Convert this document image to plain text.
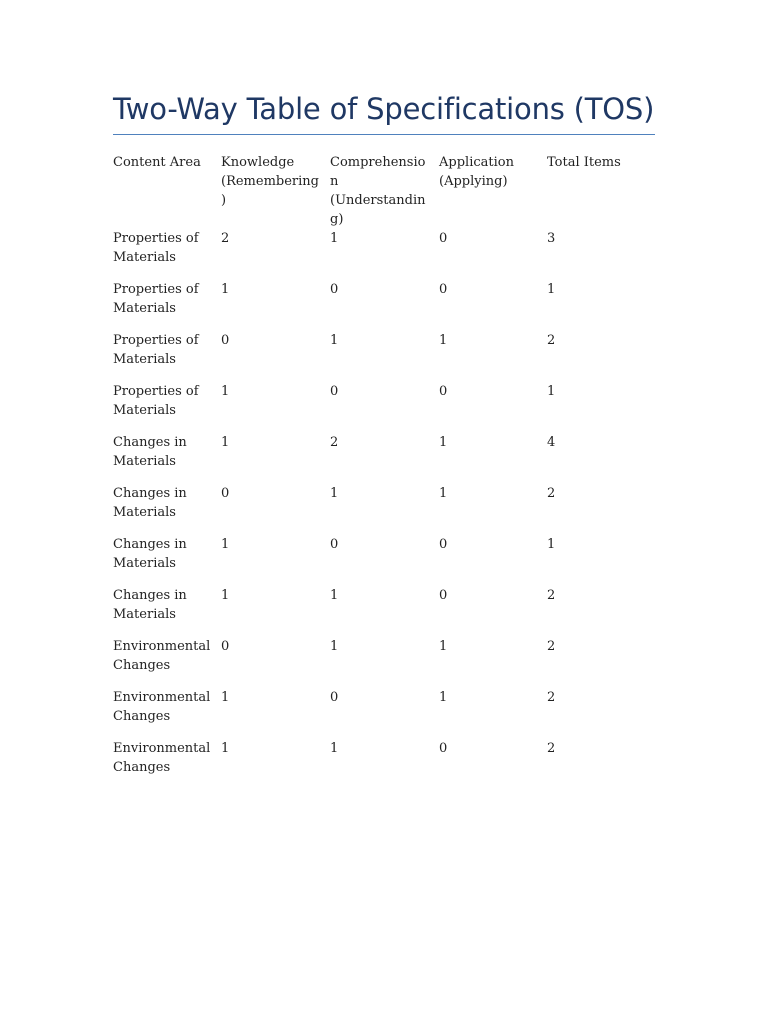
Two-Way Table of Specifications (TOS)
Content Area	Knowledge (Remembering)	Comprehension (Understanding)	Application (Applying)	Total Items
Properties of Materials	2	1	0	3
Properties of Materials	1	0	0	1
Properties of Materials	0	1	1	2
Properties of Materials	1	0	0	1
Changes in Materials	1	2	1	4
Changes in Materials	0	1	1	2
Changes in Materials	1	0	0	1
Changes in Materials	1	1	0	2
Environmental Changes	0	1	1	2
Environmental Changes	1	0	1	2
Environmental Changes	1	1	0	2
